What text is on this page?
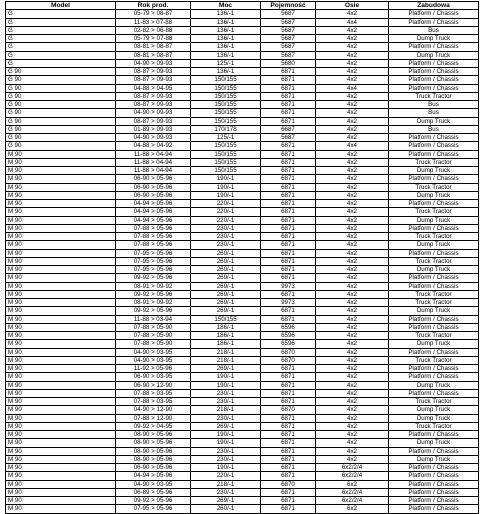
Model	Rok prod.	Moc	Pojemność	Osie	Zabudowa
G	05-79 > 08-87	136/-1	5687	4x2	Platform / Chassis
G	11-83 > 07-88	136/-1	5687	4x4	Platform / Chassis
G	02-82 > 06-88	136/-1	5687	4x2	Bus
G	05-79 > 07-88	136/-1	5687	4x2	Dump Truck
G	08-81 > 08-87	136/-1	5687	4x2	Platform / Chassis
G	08-81 > 08-87	136/-1	5687	4x2	Dump Truck
G	04-90 > 09-93	125/-1	5680	4x2	Platform / Chassis
G 90	08-87 > 09-93	136/-1	6871	4x2	Platform / Chassis
G 90	08-87 > 09-93	150/155	6871	4x2	Platform / Chassis
G 90	04-88 > 04-95	150/155	6871	4x4	Platform / Chassis
G 90	08-87 > 09-93	150/155	6871	4x2	Truck Tractor
G 90	08-87 > 09-93	150/155	6871	4x2	Bus
G 90	04-90 > 09-93	150/155	6871	4x2	Bus
G 90	08-87 > 09-93	150/155	6871	4x2	Dump Truck
G 90	01-89 > 09-93	170/178	6687	4x2	Bus
G 90	04-90 > 09-93	125/-1	5687	4x2	Platform / Chassis
G 90	04-88 > 04-92	150/155	6871	4x4	Platform / Chassis
M 90	11-88 > 04-94	150/155	6871	4x2	Platform / Chassis
M 90	11-88 > 04-94	150/155	6871	4x2	Truck Tractor
M 90	11-88 > 04-94	150/155	6871	4x2	Dump Truck
M 90	06-90 > 05-96	190/-1	6871	4x2	Platform / Chassis
M 90	06-90 > 05-96	190/-1	6871	4x2	Truck Tractor
M 90	06-90 > 05-96	190/-1	6871	4x2	Dump Truck
M 90	04-94 > 05-96	220/-1	6871	4x2	Platform / Chassis
M 90	04-94 > 05-96	220/-1	6871	4x2	Truck Tractor
M 90	04-94 > 05-96	220/-1	6871	4x2	Dump Truck
M 90	07-88 > 05-96	230/-1	6871	4x2	Platform / Chassis
M 90	07-88 > 05-96	230/-1	6871	4x2	Truck Tractor
M 90	07-88 > 05-96	230/-1	6871	4x2	Dump Truck
M 90	07-95 > 05-96	260/-1	6871	4x2	Platform / Chassis
M 90	07-95 > 05-96	260/-1	6871	4x2	Truck Tractor
M 90	07-95 > 05-96	260/-1	6871	4x2	Dump Truck
M 90	09-92 > 05-96	269/-1	6871	4x2	Platform / Chassis
M 90	08-91 > 09-92	269/-1	9973	4x2	Platform / Chassis
M 90	09-92 > 05-96	269/-1	6871	4x2	Truck Tractor
M 90	08-91 > 09-92	269/-1	9973	4x2	Truck Tractor
M 90	09-92 > 05-96	269/-1	6871	4x2	Dump Truck
M 90	11-88 > 03-94	150/155	6871	4x2	Platform / Chassis
M 90	07-88 > 05-90	186/-1	6596	4x2	Platform / Chassis
M 90	07-88 > 05-90	186/-1	6596	4x2	Truck Tractor
M 90	07-88 > 05-90	186/-1	6596	4x2	Dump Truck
M 90	04-90 > 03-95	218/-1	6870	4x2	Platform / Chassis
M 90	04-90 > 03-95	218/-1	6870	4x2	Truck Tractor
M 90	11-92 > 05-96	269/-1	6871	4x2	Platform / Chassis
M 90	06-90 > 03-95	190/-1	6871	4x2	Platform / Chassis
M 90	06-90 > 12-90	190/-1	6871	4x2	Dump Truck
M 90	07-88 > 03-95	230/-1	6871	4x2	Platform / Chassis
M 90	07-88 > 03-95	230/-1	6871	4x2	Truck Tractor
M 90	04-90 > 12-90	218/-1	6870	4x2	Dump Truck
M 90	07-88 > 12-90	230/-1	6871	4x2	Dump Truck
M 90	09-92 > 04-95	269/-1	6871	4x2	Truck Tractor
M 90	08-90 > 05-96	190/-1	6871	4x2	Platform / Chassis
M 90	08-90 > 05-96	190/-1	6871	4x2	Dump Truck
M 90	08-90 > 05-96	230/-1	6871	4x2	Platform / Chassis
M 90	08-90 > 05-96	230/-1	6871	4x2	Dump Truck
M 90	06-90 > 05-96	190/-1	6871	6x2/2/4	Platform / Chassis
M 90	04-94 > 05-96	220/-1	6871	6x2/2/4	Platform / Chassis
M 90	04-90 > 03-95	218/-1	6870	6x2	Platform / Chassis
M 90	06-89 > 05-96	230/-1	6871	6x2/2/4	Platform / Chassis
M 90	09-92 > 05-96	269/-1	6871	6x2/2/4	Platform / Chassis
M 90	07-95 > 05-96	260/-1	6871	6x2	Platform / Chassis
